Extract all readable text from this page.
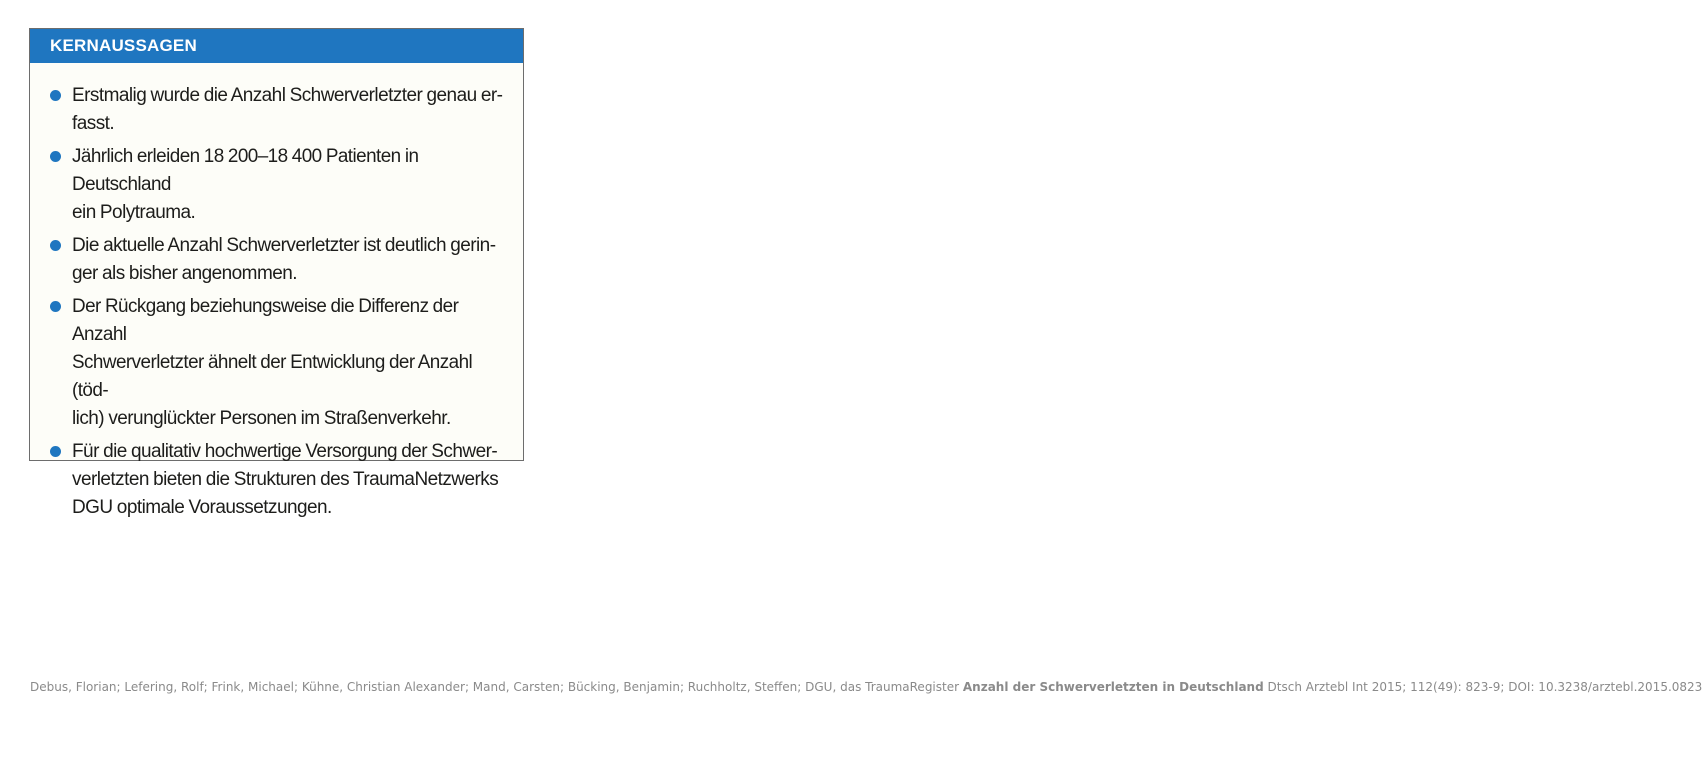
KERNAUSSAGEN
Erstmalig wurde die Anzahl Schwerverletzter genau er-
fasst.
Jährlich erleiden 18 200–18 400 Patienten in Deutschland
ein Polytrauma.
Die aktuelle Anzahl Schwerverletzter ist deutlich gerin-
ger als bisher angenommen.
Der Rückgang beziehungsweise die Differenz der Anzahl
Schwerverletzter ähnelt der Entwicklung der Anzahl (töd-
lich) verunglückter Personen im Straßenverkehr.
Für die qualitativ hochwertige Versorgung der Schwer-
verletzten bieten die Strukturen des TraumaNetzwerks
DGU optimale Voraussetzungen.
Debus, Florian; Lefering, Rolf; Frink, Michael; Kühne, Christian Alexander; Mand, Carsten; Bücking, Benjamin; Ruchholtz, Steffen; DGU, das TraumaRegister Anzahl der Schwerverletzten in Deutschland Dtsch Arztebl Int 2015; 112(49): 823-9; DOI: 10.3238/arztebl.2015.0823
